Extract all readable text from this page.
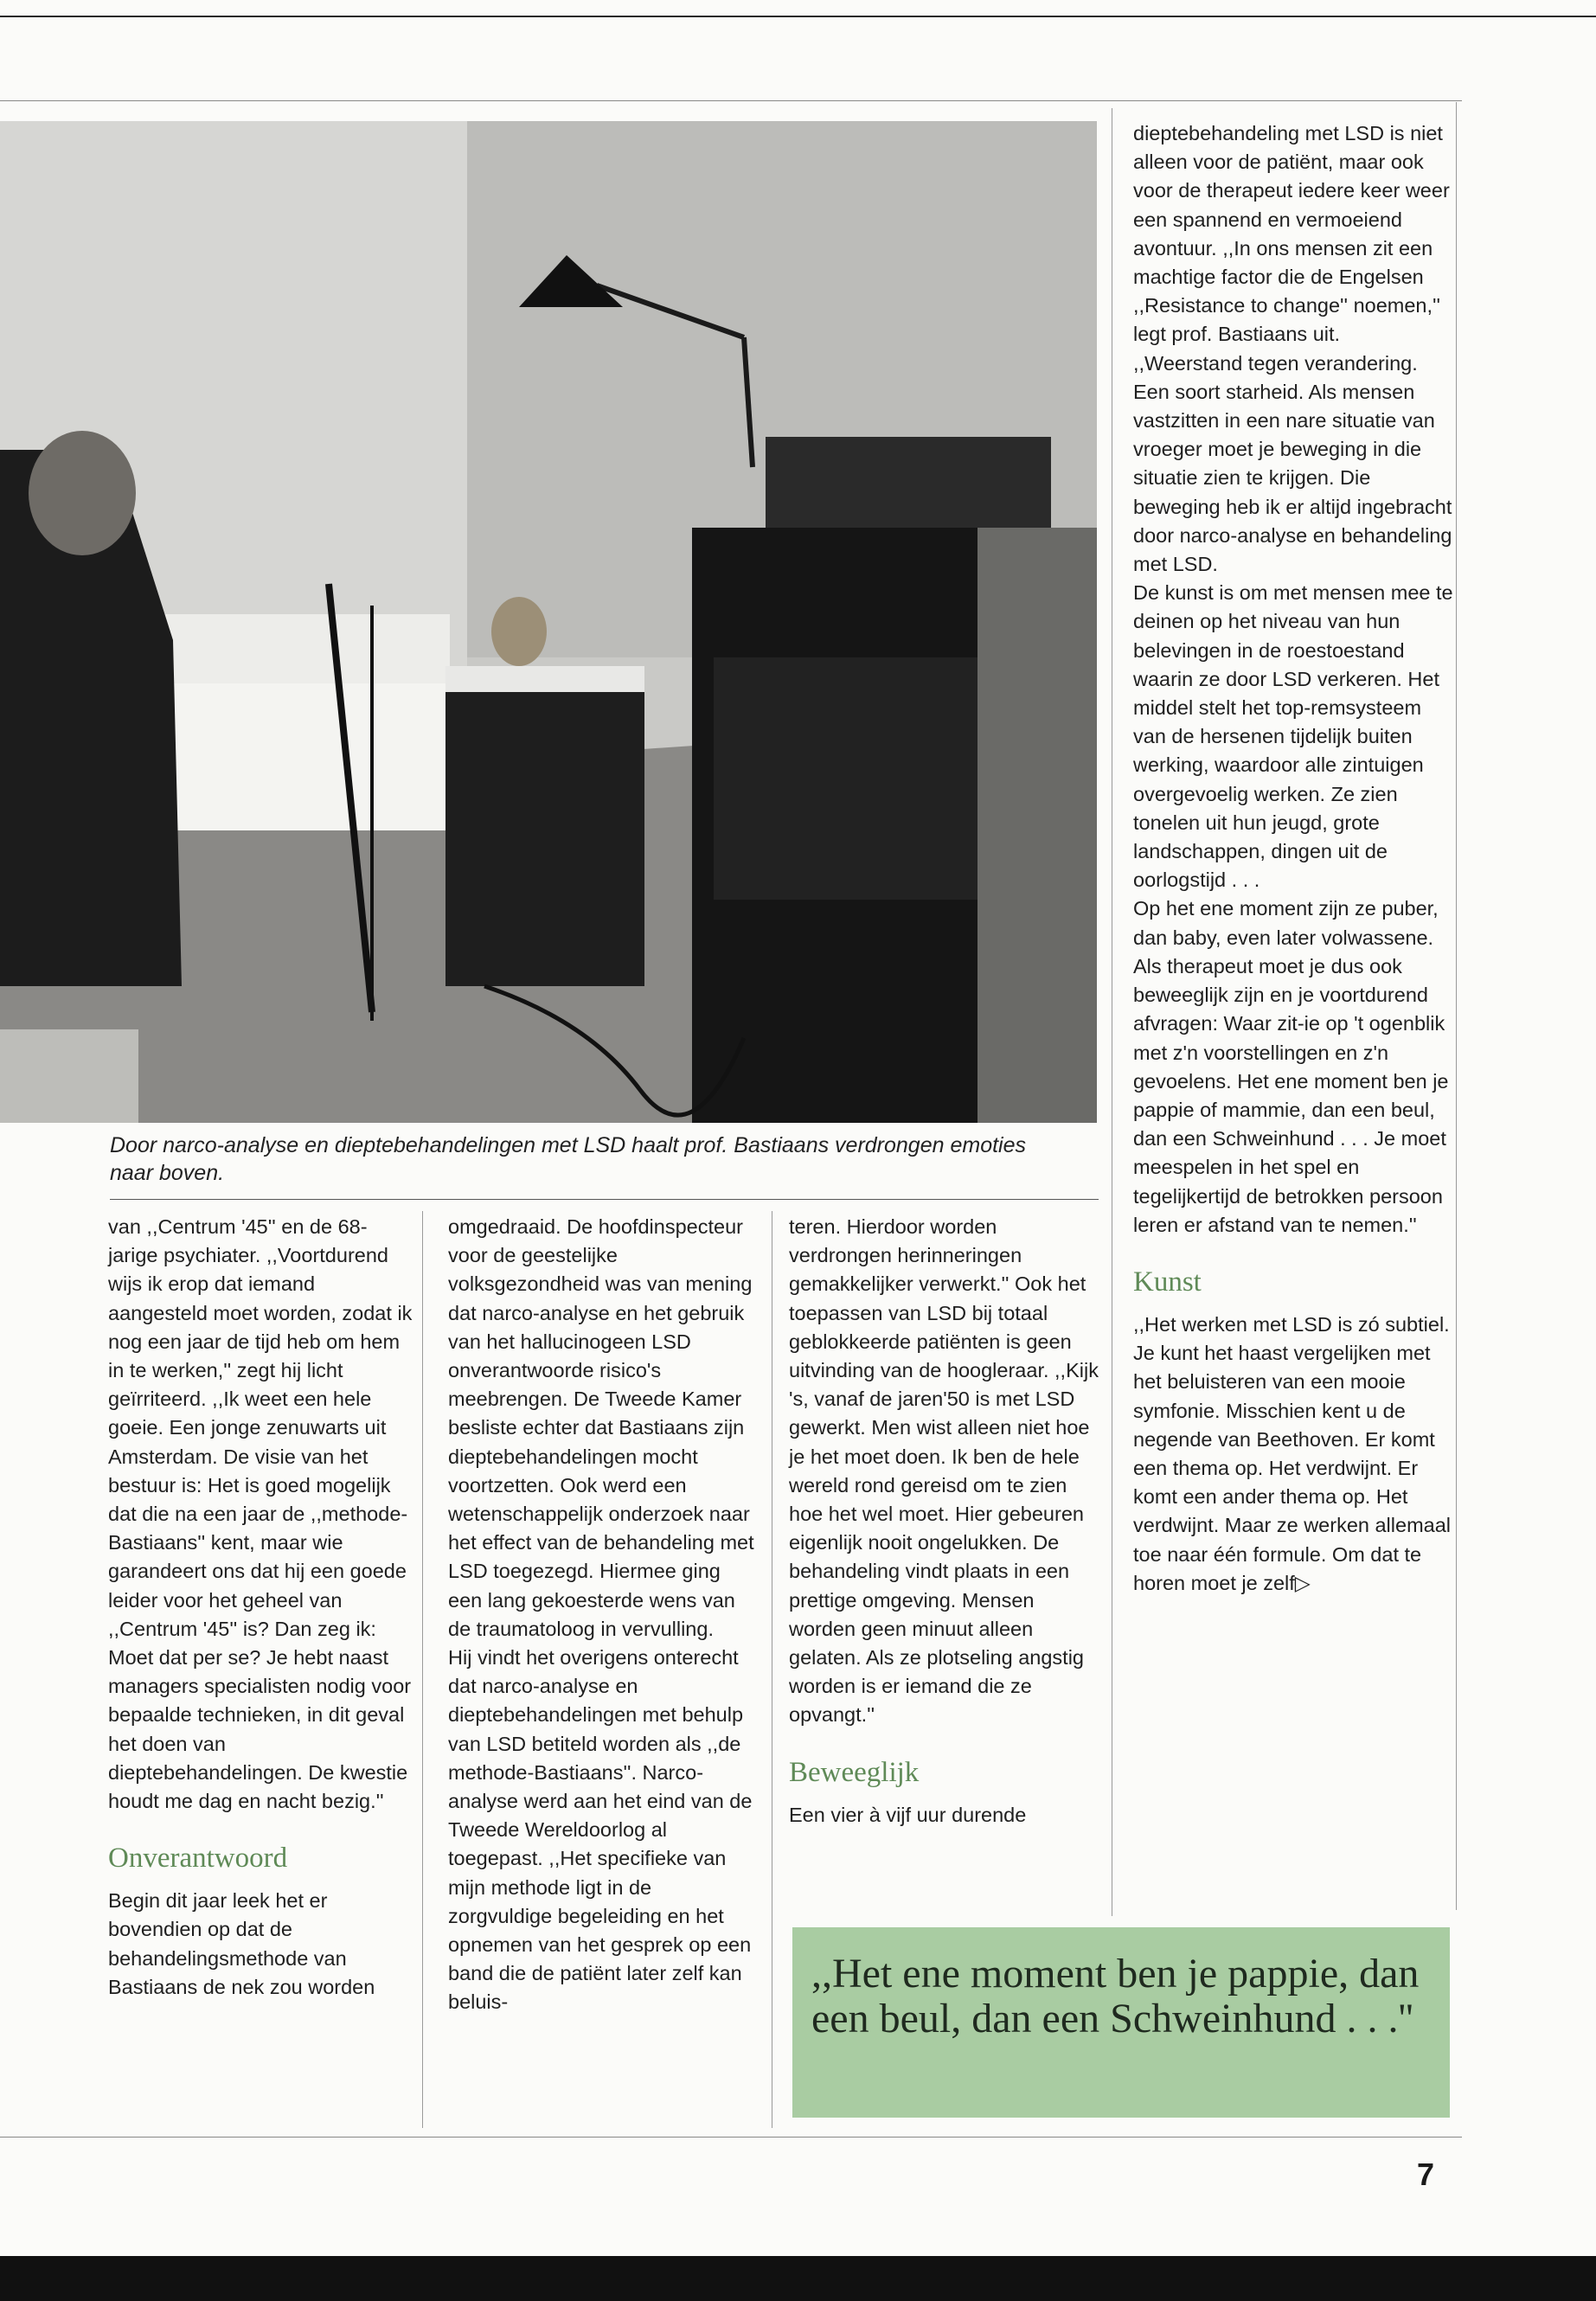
Door narco-analyse en dieptebehandelingen met LSD haalt prof. Bastiaans verdrongen emoties naar boven.

van ,,Centrum '45'' en de 68-jarige psychiater. ,,Voortdurend wijs ik erop dat iemand aangesteld moet worden, zodat ik nog een jaar de tijd heb om hem in te werken,'' zegt hij licht geïrriteerd. ,,Ik weet een hele goeie. Een jonge zenuwarts uit Amsterdam. De visie van het bestuur is: Het is goed mogelijk dat die na een jaar de ,,methode-Bastiaans'' kent, maar wie garandeert ons dat hij een goede leider voor het geheel van ,,Centrum '45'' is? Dan zeg ik: Moet dat per se? Je hebt naast managers specialisten nodig voor bepaalde technieken, in dit geval het doen van dieptebehandelingen. De kwestie houdt me dag en nacht bezig.''

Onverantwoord

Begin dit jaar leek het er bovendien op dat de behandelingsmethode van Bastiaans de nek zou worden

omgedraaid. De hoofdinspecteur voor de geestelijke volksgezondheid was van mening dat narco-analyse en het gebruik van het hallucinogeen LSD onverantwoorde risico's meebrengen. De Tweede Kamer besliste echter dat Bastiaans zijn dieptebehandelingen mocht voortzetten. Ook werd een wetenschappelijk onderzoek naar het effect van de behandeling met LSD toegezegd. Hiermee ging een lang gekoesterde wens van de traumatoloog in vervulling.

Hij vindt het overigens onterecht dat narco-analyse en dieptebehandelingen met behulp van LSD betiteld worden als ,,de methode-Bastiaans''. Narco-analyse werd aan het eind van de Tweede Wereldoorlog al toegepast. ,,Het specifieke van mijn methode ligt in de zorgvuldige begeleiding en het opnemen van het gesprek op een band die de patiënt later zelf kan beluis-

teren. Hierdoor worden verdrongen herinneringen gemakkelijker verwerkt.'' Ook het toepassen van LSD bij totaal geblokkeerde patiënten is geen uitvinding van de hoogleraar. ,,Kijk 's, vanaf de jaren'50 is met LSD gewerkt. Men wist alleen niet hoe je het moet doen. Ik ben de hele wereld rond gereisd om te zien hoe het wel moet. Hier gebeuren eigenlijk nooit ongelukken. De behandeling vindt plaats in een prettige omgeving. Mensen worden geen minuut alleen gelaten. Als ze plotseling angstig worden is er iemand die ze opvangt.''

Beweeglijk

Een vier à vijf uur durende

dieptebehandeling met LSD is niet alleen voor de patiënt, maar ook voor de therapeut iedere keer weer een spannend en vermoeiend avontuur. ,,In ons mensen zit een machtige factor die de Engelsen ,,Resistance to change'' noemen,'' legt prof. Bastiaans uit. ,,Weerstand tegen verandering. Een soort starheid. Als mensen vastzitten in een nare situatie van vroeger moet je beweging in die situatie zien te krijgen. Die beweging heb ik er altijd ingebracht door narco-analyse en behandeling met LSD.

De kunst is om met mensen mee te deinen op het niveau van hun belevingen in de roestoestand waarin ze door LSD verkeren. Het middel stelt het top-remsysteem van de hersenen tijdelijk buiten werking, waardoor alle zintuigen overgevoelig werken. Ze zien tonelen uit hun jeugd, grote landschappen, dingen uit de oorlogstijd . . .

Op het ene moment zijn ze puber, dan baby, even later volwassene. Als therapeut moet je dus ook beweeglijk zijn en je voortdurend afvragen: Waar zit-ie op 't ogenblik met z'n voorstellingen en z'n gevoelens. Het ene moment ben je pappie of mammie, dan een beul, dan een Schweinhund . . . Je moet meespelen in het spel en tegelijkertijd de betrokken persoon leren er afstand van te nemen.''

Kunst

,,Het werken met LSD is zó subtiel. Je kunt het haast vergelijken met het beluisteren van een mooie symfonie. Misschien kent u de negende van Beethoven. Er komt een thema op. Het verdwijnt. Er komt een ander thema op. Het verdwijnt. Maar ze werken allemaal toe naar één formule. Om dat te horen moet je zelf▷

,,Het ene moment ben je pappie, dan een beul, dan een Schweinhund . . .''
7
